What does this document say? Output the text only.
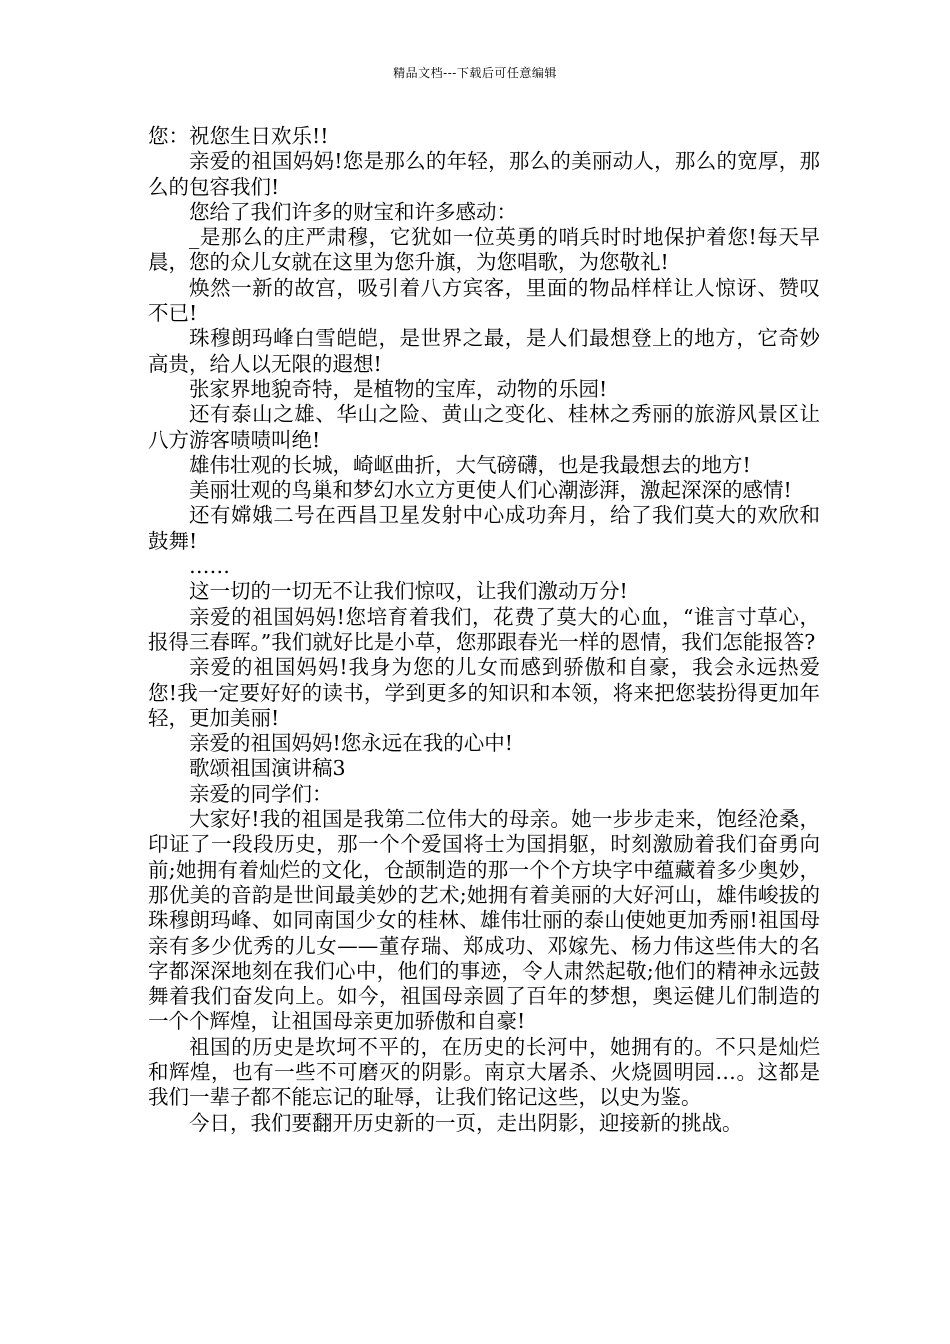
精品文档---下载后可任意编辑

您：祝您生日欢乐!!

亲爱的祖国妈妈!您是那么的年轻，那么的美丽动人，那么的宽厚，那么的包容我们!

您给了我们许多的财宝和许多感动：

_是那么的庄严肃穆，它犹如一位英勇的哨兵时时地保护着您!每天早晨，您的众儿女就在这里为您升旗，为您唱歌，为您敬礼!

焕然一新的故宫，吸引着八方宾客，里面的物品样样让人惊讶、赞叹不已!

珠穆朗玛峰白雪皑皑，是世界之最，是人们最想登上的地方，它奇妙高贵，给人以无限的遐想!

张家界地貌奇特，是植物的宝库，动物的乐园!

还有泰山之雄、华山之险、黄山之变化、桂林之秀丽的旅游风景区让八方游客啧啧叫绝!

雄伟壮观的长城，崎岖曲折，大气磅礴，也是我最想去的地方!

美丽壮观的鸟巢和梦幻水立方更使人们心潮澎湃，激起深深的感情!

还有嫦娥二号在西昌卫星发射中心成功奔月，给了我们莫大的欢欣和鼓舞!

……

这一切的一切无不让我们惊叹，让我们激动万分!

亲爱的祖国妈妈!您培育着我们，花费了莫大的心血，“谁言寸草心，报得三春晖。”我们就好比是小草，您那跟春光一样的恩情，我们怎能报答?

亲爱的祖国妈妈!我身为您的儿女而感到骄傲和自豪，我会永远热爱您!我一定要好好的读书，学到更多的知识和本领，将来把您装扮得更加年轻，更加美丽!

亲爱的祖国妈妈!您永远在我的心中!

歌颂祖国演讲稿3

亲爱的同学们：

大家好!我的祖国是我第二位伟大的母亲。她一步步走来，饱经沧桑，印证了一段段历史，那一个个爱国将士为国捐躯，时刻激励着我们奋勇向前;她拥有着灿烂的文化，仓颉制造的那一个个方块字中蕴藏着多少奥妙，那优美的音韵是世间最美妙的艺术;她拥有着美丽的大好河山，雄伟峻拔的珠穆朗玛峰、如同南国少女的桂林、雄伟壮丽的泰山使她更加秀丽!祖国母亲有多少优秀的儿女——董存瑞、郑成功、邓嫁先、杨力伟这些伟大的名字都深深地刻在我们心中，他们的事迹，令人肃然起敬;他们的精神永远鼓舞着我们奋发向上。如今，祖国母亲圆了百年的梦想，奥运健儿们制造的一个个辉煌，让祖国母亲更加骄傲和自豪!

祖国的历史是坎坷不平的，在历史的长河中，她拥有的。不只是灿烂和辉煌，也有一些不可磨灭的阴影。南京大屠杀、火烧圆明园…。这都是我们一辈子都不能忘记的耻辱，让我们铭记这些，以史为鉴。

今日，我们要翻开历史新的一页，走出阴影，迎接新的挑战。
